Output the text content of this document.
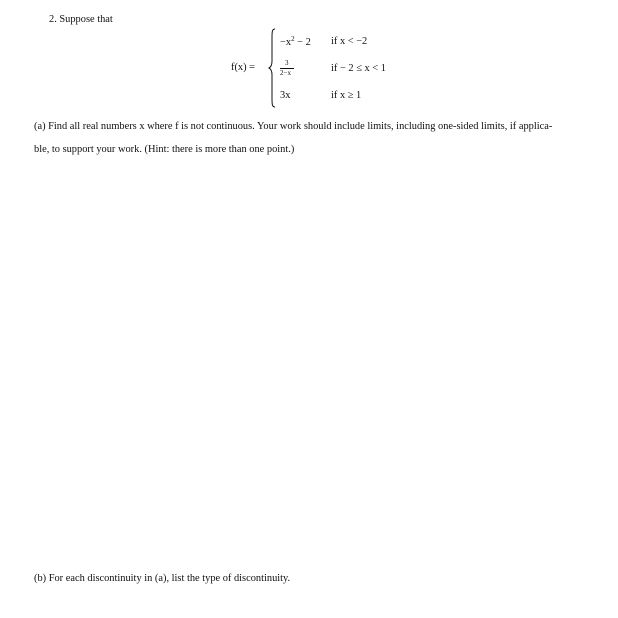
2. Suppose that
f(x) =
$-x^2 - 2$ if x < −2
3
2−x	if − 2 ≤ x < 1
3x	if x ≥ 1
(a) Find all real numbers x where f is not continuous. Your work should include limits, including one-sided limits, if applica-
ble, to support your work. (Hint: there is more than one point.)
(b) For each discontinuity in (a), list the type of discontinuity.
